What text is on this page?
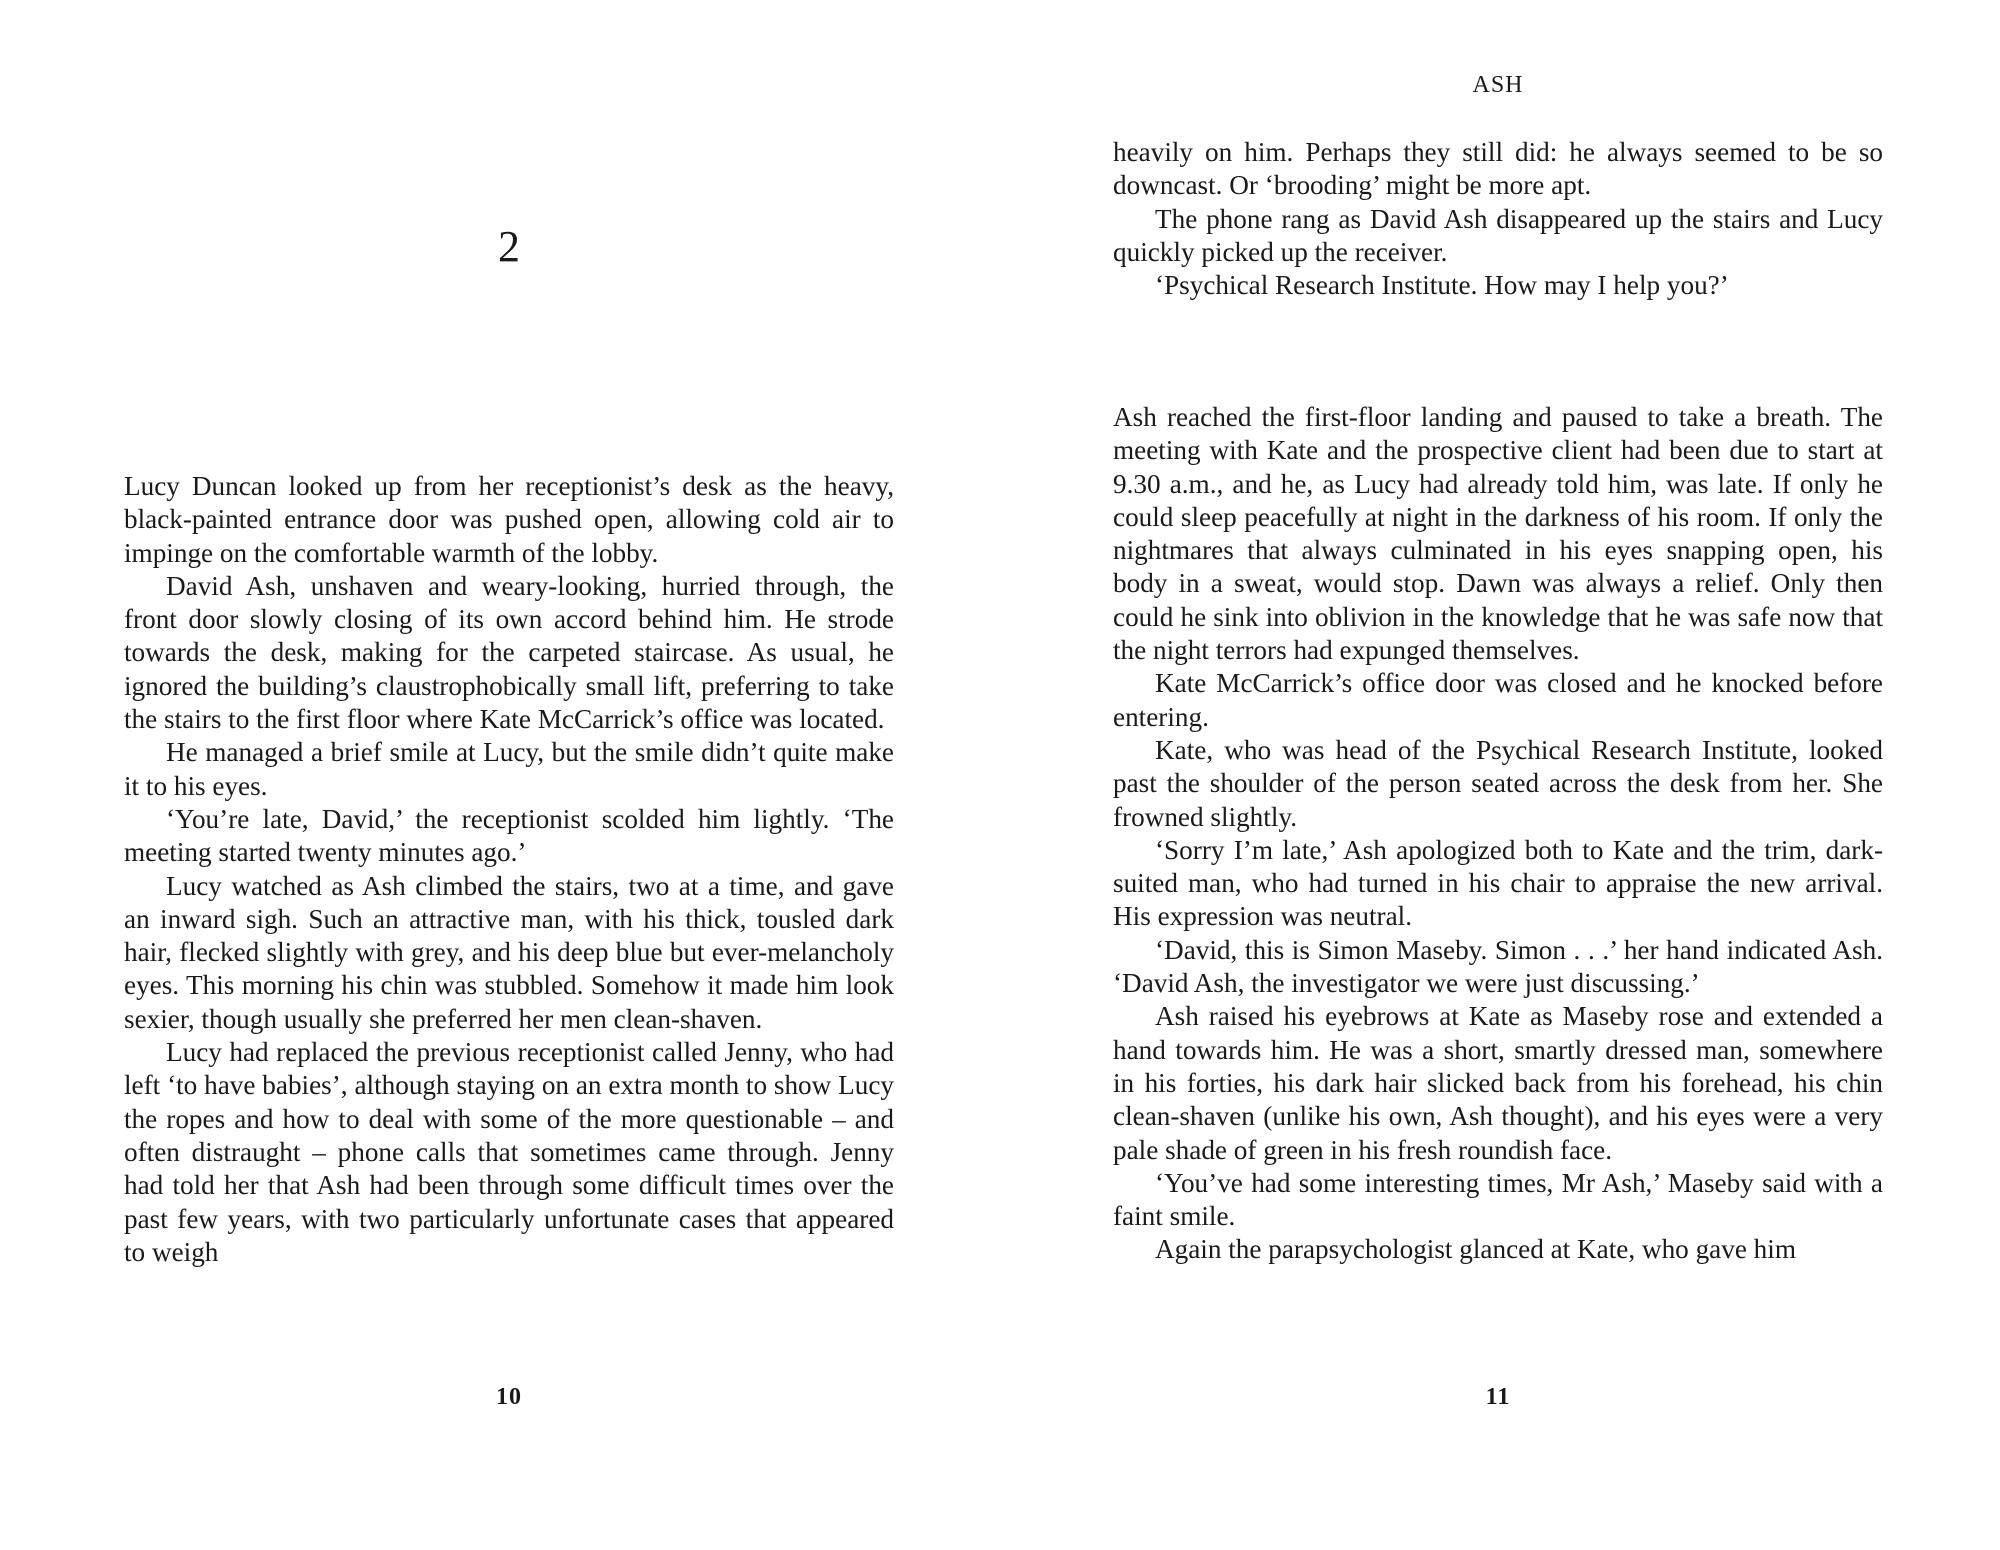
2

Lucy Duncan looked up from her receptionist’s desk as the heavy, black-painted entrance door was pushed open, allowing cold air to impinge on the comfortable warmth of the lobby.

David Ash, unshaven and weary-looking, hurried through, the front door slowly closing of its own accord behind him. He strode towards the desk, making for the carpeted staircase. As usual, he ignored the building’s claustrophobically small lift, preferring to take the stairs to the first floor where Kate McCarrick’s office was located.

He managed a brief smile at Lucy, but the smile didn’t quite make it to his eyes.

‘You’re late, David,’ the receptionist scolded him lightly. ‘The meeting started twenty minutes ago.’

Lucy watched as Ash climbed the stairs, two at a time, and gave an inward sigh. Such an attractive man, with his thick, tousled dark hair, flecked slightly with grey, and his deep blue but ever-melancholy eyes. This morning his chin was stubbled. Somehow it made him look sexier, though usually she preferred her men clean-shaven.

Lucy had replaced the previous receptionist called Jenny, who had left ‘to have babies’, although staying on an extra month to show Lucy the ropes and how to deal with some of the more questionable – and often distraught – phone calls that sometimes came through. Jenny had told her that Ash had been through some difficult times over the past few years, with two particularly unfortunate cases that appeared to weigh

10
ASH

heavily on him. Perhaps they still did: he always seemed to be so downcast. Or ‘brooding’ might be more apt.

The phone rang as David Ash disappeared up the stairs and Lucy quickly picked up the receiver.

‘Psychical Research Institute. How may I help you?’

Ash reached the first-floor landing and paused to take a breath. The meeting with Kate and the prospective client had been due to start at 9.30 a.m., and he, as Lucy had already told him, was late. If only he could sleep peacefully at night in the darkness of his room. If only the nightmares that always culminated in his eyes snapping open, his body in a sweat, would stop. Dawn was always a relief. Only then could he sink into oblivion in the knowledge that he was safe now that the night terrors had expunged themselves.

Kate McCarrick’s office door was closed and he knocked before entering.

Kate, who was head of the Psychical Research Institute, looked past the shoulder of the person seated across the desk from her. She frowned slightly.

‘Sorry I’m late,’ Ash apologized both to Kate and the trim, dark-suited man, who had turned in his chair to appraise the new arrival. His expression was neutral.

‘David, this is Simon Maseby. Simon . . .’ her hand indicated Ash. ‘David Ash, the investigator we were just discussing.’

Ash raised his eyebrows at Kate as Maseby rose and extended a hand towards him. He was a short, smartly dressed man, somewhere in his forties, his dark hair slicked back from his forehead, his chin clean-shaven (unlike his own, Ash thought), and his eyes were a very pale shade of green in his fresh roundish face.

‘You’ve had some interesting times, Mr Ash,’ Maseby said with a faint smile.

Again the parapsychologist glanced at Kate, who gave him

11
